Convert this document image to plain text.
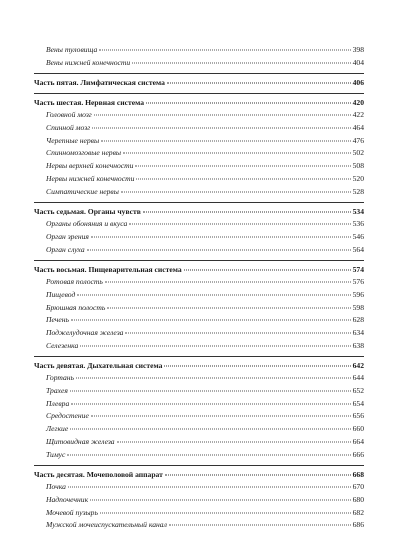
Вены туловища	398
Вены нижней конечности	404
Часть пятая. Лимфатическая система	406
Часть шестая. Нервная система	420
Головной мозг	422
Спинной мозг	464
Черепные нервы	476
Спинномозговые нервы	502
Нервы верхней конечности	508
Нервы нижней конечности	520
Симпатические нервы	528
Часть седьмая. Органы чувств	534
Органы обоняния и вкуса	536
Орган зрения	546
Орган слуха	564
Часть восьмая. Пищеварительная система	574
Ротовая полость	576
Пищевод	596
Брюшная полость	598
Печень	628
Поджелудочная железа	634
Селезенка	638
Часть девятая. Дыхательная система	642
Гортань	644
Трахея	652
Плевра	654
Средостение	656
Легкие	660
Щитовидная железа	664
Тимус	666
Часть десятая. Мочеполовой аппарат	668
Почка	670
Надпочечник	680
Мочевой пузырь	682
Мужской мочеиспускательный канал	686
